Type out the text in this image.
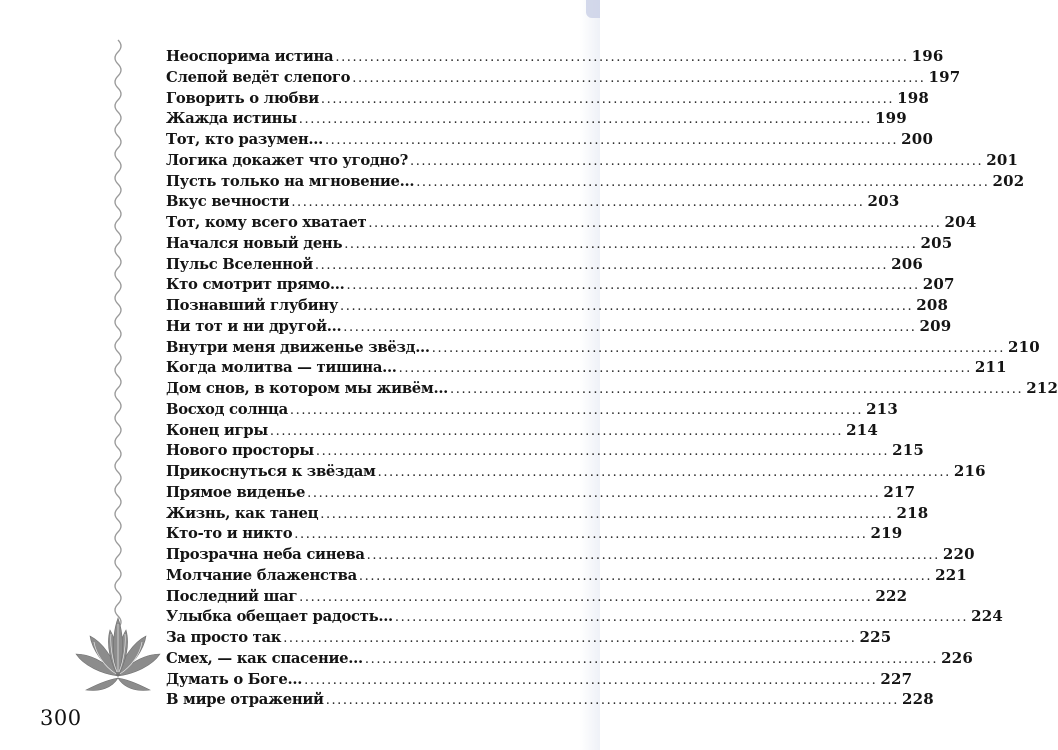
Неоспорима истина .....	196
Слепой ведёт слепого .....	197
Говорить о любви .....	198
Жажда истины .....	199
Тот, кто разумен... .....	200
Логика докажет что угодно? .....	201
Пусть только на мгновение... .....	202
Вкус вечности .....	203
Тот, кому всего хватает .....	204
Начался новый день .....	205
Пульс Вселенной .....	206
Кто смотрит прямо... .....	207
Познавший глубину .....	208
Ни тот и ни другой... .....	209
Внутри меня движенье звёзд... .....	210
Когда молитва — тишина... .....	211
Дом снов, в котором мы живём... .....	212
Восход солнца .....	213
Конец игры .....	214
Нового просторы .....	215
Прикоснуться к звёздам .....	216
Прямое виденье .....	217
Жизнь, как танец .....	218
Кто-то и никто .....	219
Прозрачна неба синева .....	220
Молчание блаженства .....	221
Последний шаг .....	222
Улыбка обещает радость... .....	224
За просто так .....	225
Смех, — как спасение... .....	226
Думать о Боге... .....	227
В мире отражений .....	228
300
